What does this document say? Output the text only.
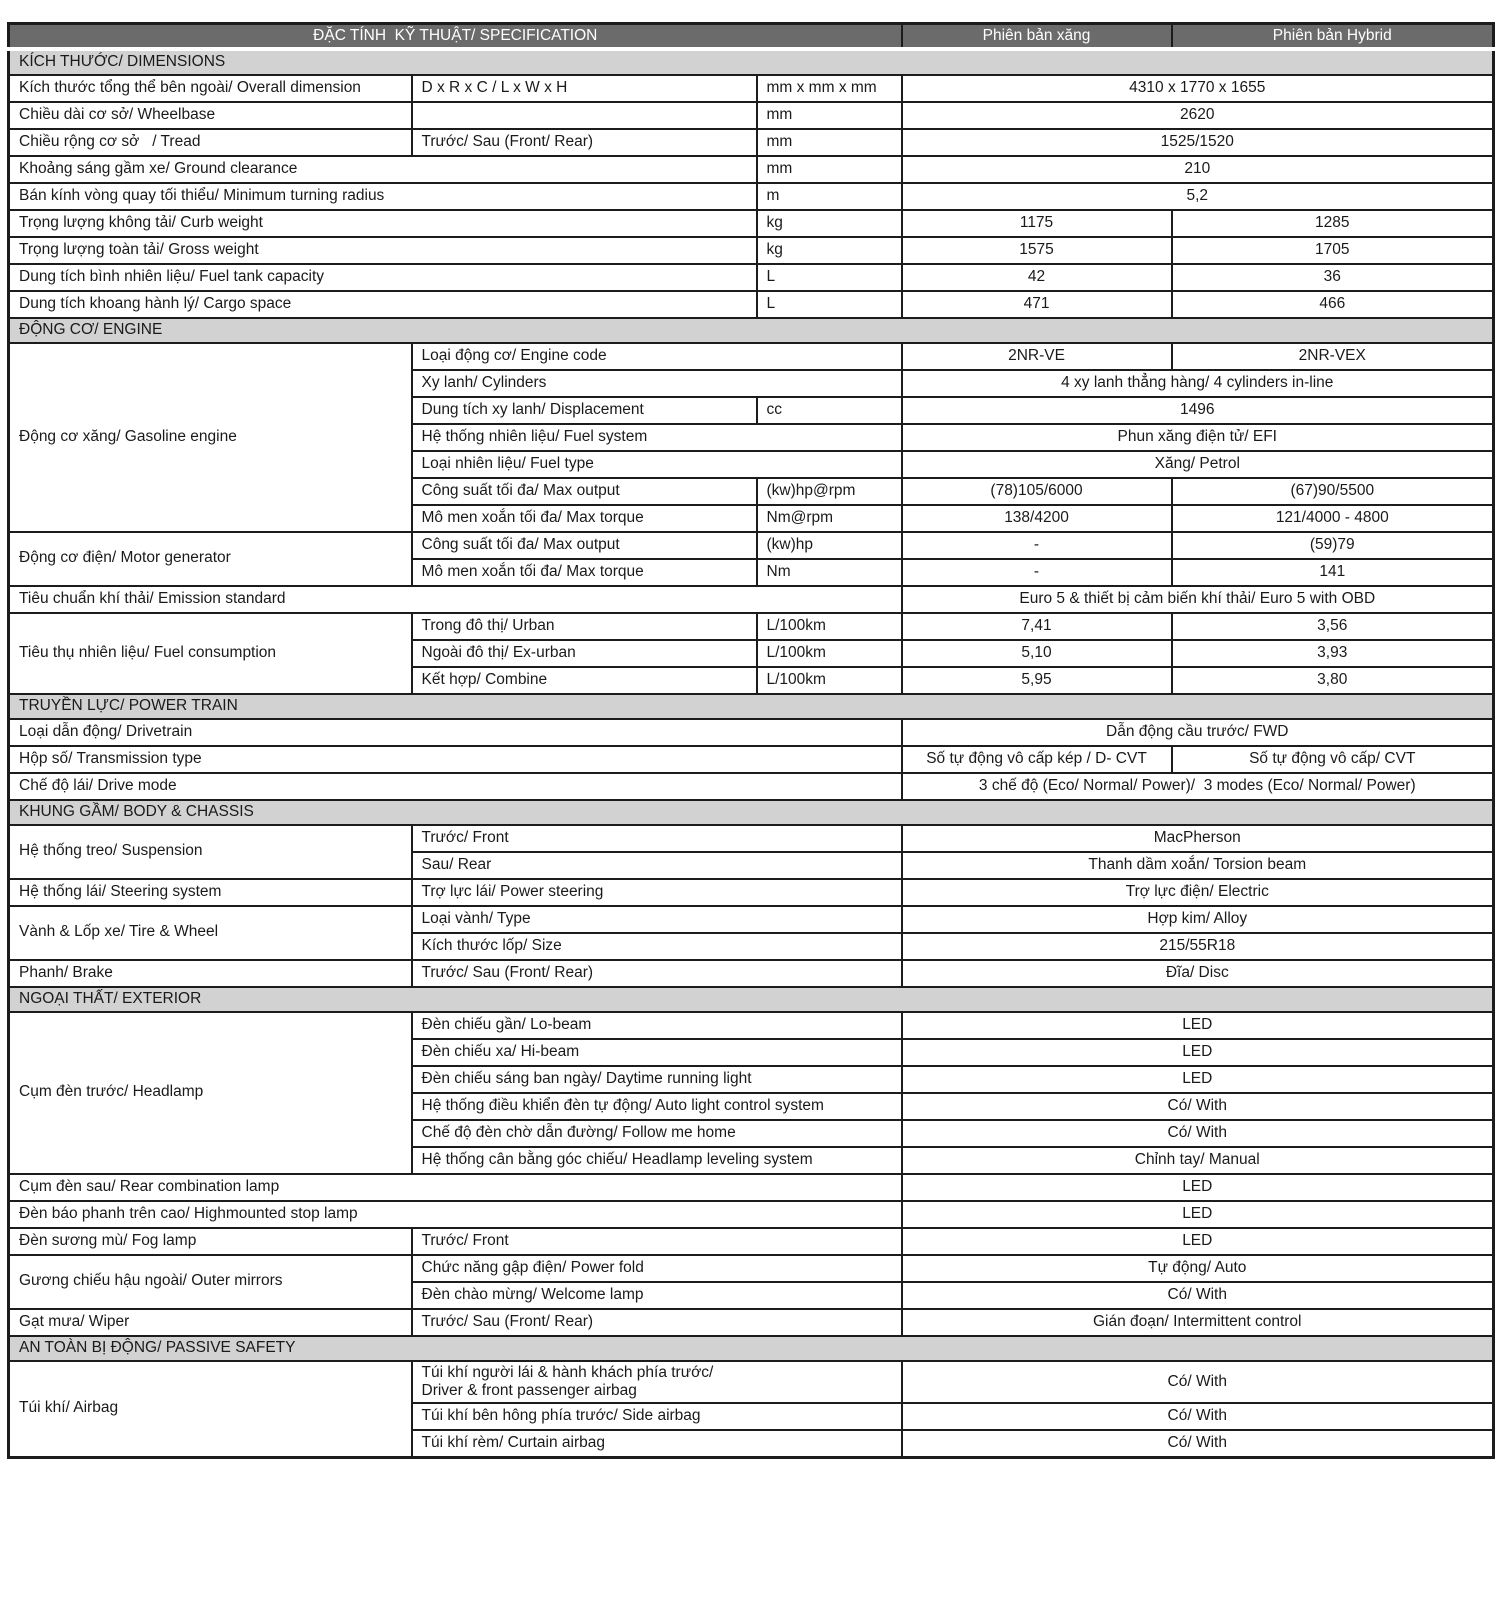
ĐẶC TÍNH  KỸ THUẬT/ SPECIFICATION			Phiên bản xăng	Phiên bản Hybrid
KÍCH THƯỚC/ DIMENSIONS				
Kích thước tổng thể bên ngoài/ Overall dimension	D x R x C / L x W x H	mm x mm x mm	4310 x 1770 x 1655	
Chiều dài cơ sở/ Wheelbase		mm	2620	
Chiều rộng cơ sở   / Tread	Trước/ Sau (Front/ Rear)	mm	1525/1520	
Khoảng sáng gầm xe/ Ground clearance		mm	210	
Bán kính vòng quay tối thiểu/ Minimum turning radius		m	5,2	
Trọng lượng không tải/ Curb weight		kg	1175	1285
Trọng lượng toàn tải/ Gross weight		kg	1575	1705
Dung tích bình nhiên liệu/ Fuel tank capacity		L	42	36
Dung tích khoang hành lý/ Cargo space		L	471	466
ĐỘNG CƠ/ ENGINE				
Động cơ xăng/ Gasoline engine	Loại động cơ/ Engine code		2NR-VE	2NR-VEX
	Xy lanh/ Cylinders		4 xy lanh thẳng hàng/ 4 cylinders in-line	
	Dung tích xy lanh/ Displacement	cc	1496	
	Hệ thống nhiên liệu/ Fuel system		Phun xăng điện tử/ EFI	
	Loại nhiên liệu/ Fuel type		Xăng/ Petrol	
	Công suất tối đa/ Max output	(kw)hp@rpm	(78)105/6000	(67)90/5500
	Mô men xoắn tối đa/ Max torque	Nm@rpm	138/4200	121/4000 - 4800
Động cơ điện/ Motor generator	Công suất tối đa/ Max output	(kw)hp	-	(59)79
	Mô men xoắn tối đa/ Max torque	Nm	-	141
Tiêu chuẩn khí thải/ Emission standard			Euro 5 & thiết bị cảm biến khí thải/ Euro 5 with OBD	
Tiêu thụ nhiên liệu/ Fuel consumption	Trong đô thị/ Urban	L/100km	7,41	3,56
	Ngoài đô thị/ Ex-urban	L/100km	5,10	3,93
	Kết hợp/ Combine	L/100km	5,95	3,80
TRUYỀN LỰC/ POWER TRAIN				
Loại dẫn động/ Drivetrain			Dẫn động cầu trước/ FWD	
Hộp số/ Transmission type			Số tự động vô cấp kép / D- CVT	Số tự động vô cấp/ CVT
Chế độ lái/ Drive mode			3 chế độ (Eco/ Normal/ Power)/  3 modes (Eco/ Normal/ Power)	
KHUNG GẦM/ BODY & CHASSIS				
Hệ thống treo/ Suspension	Trước/ Front		MacPherson	
	Sau/ Rear		Thanh dầm xoắn/ Torsion beam	
Hệ thống lái/ Steering system	Trợ lực lái/ Power steering		Trợ lực điện/ Electric	
Vành & Lốp xe/ Tire & Wheel	Loại vành/ Type		Hợp kim/ Alloy	
	Kích thước lốp/ Size		215/55R18	
Phanh/ Brake	Trước/ Sau (Front/ Rear)		Đĩa/ Disc	
NGOẠI THẤT/ EXTERIOR				
Cụm đèn trước/ Headlamp	Đèn chiếu gần/ Lo-beam		LED	
	Đèn chiếu xa/ Hi-beam		LED	
	Đèn chiếu sáng ban ngày/ Daytime running light		LED	
	Hệ thống điều khiển đèn tự động/ Auto light control system		Có/ With	
	Chế độ đèn chờ dẫn đường/ Follow me home		Có/ With	
	Hệ thống cân bằng góc chiếu/ Headlamp leveling system		Chỉnh tay/ Manual	
Cụm đèn sau/ Rear combination lamp			LED	
Đèn báo phanh trên cao/ Highmounted stop lamp			LED	
Đèn sương mù/ Fog lamp	Trước/ Front		LED	
Gương chiếu hậu ngoài/ Outer mirrors	Chức năng gập điện/ Power fold		Tự động/ Auto	
	Đèn chào mừng/ Welcome lamp		Có/ With	
Gạt mưa/ Wiper	Trước/ Sau (Front/ Rear)		Gián đoạn/ Intermittent control	
AN TOÀN BỊ ĐỘNG/ PASSIVE SAFETY				
Túi khí/ Airbag	Túi khí người lái & hành khách phía trước/
Driver & front passenger airbag		Có/ With	
	Túi khí bên hông phía trước/ Side airbag		Có/ With	
	Túi khí rèm/ Curtain airbag		Có/ With	
